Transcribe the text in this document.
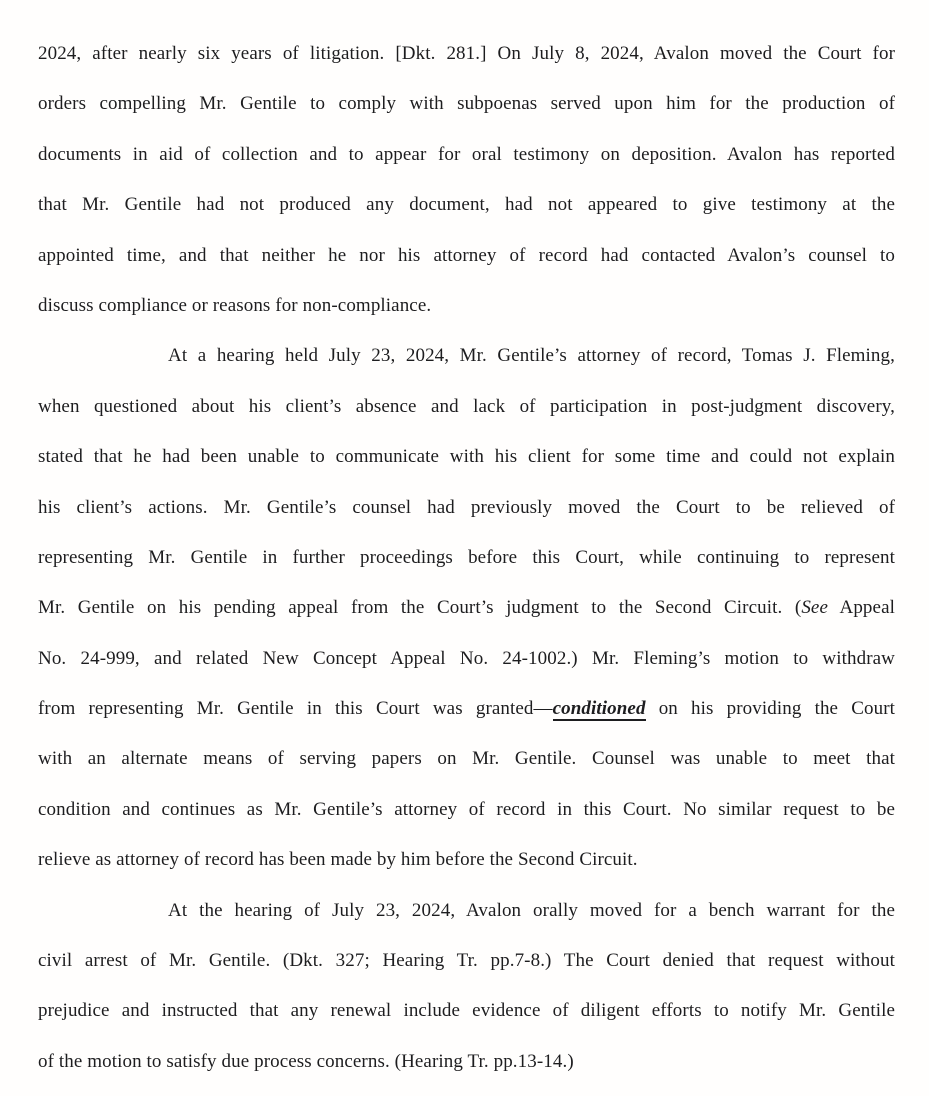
2024, after nearly six years of litigation. [Dkt. 281.] On July 8, 2024, Avalon moved the Court for
orders compelling Mr. Gentile to comply with subpoenas served upon him for the production of
documents in aid of collection and to appear for oral testimony on deposition. Avalon has reported
that Mr. Gentile had not produced any document, had not appeared to give testimony at the
appointed time, and that neither he nor his attorney of record had contacted Avalon’s counsel to
discuss compliance or reasons for non-compliance.
At a hearing held July 23, 2024, Mr. Gentile’s attorney of record, Tomas J. Fleming,
when questioned about his client’s absence and lack of participation in post-judgment discovery,
stated that he had been unable to communicate with his client for some time and could not explain
his client’s actions. Mr. Gentile’s counsel had previously moved the Court to be relieved of
representing Mr. Gentile in further proceedings before this Court, while continuing to represent
Mr. Gentile on his pending appeal from the Court’s judgment to the Second Circuit. (See Appeal
No. 24-999, and related New Concept Appeal No. 24-1002.) Mr. Fleming’s motion to withdraw
from representing Mr. Gentile in this Court was granted—conditioned on his providing the Court
with an alternate means of serving papers on Mr. Gentile. Counsel was unable to meet that
condition and continues as Mr. Gentile’s attorney of record in this Court. No similar request to be
relieve as attorney of record has been made by him before the Second Circuit.
At the hearing of July 23, 2024, Avalon orally moved for a bench warrant for the
civil arrest of Mr. Gentile. (Dkt. 327; Hearing Tr. pp.7-8.) The Court denied that request without
prejudice and instructed that any renewal include evidence of diligent efforts to notify Mr. Gentile
of the motion to satisfy due process concerns. (Hearing Tr. pp.13-14.)
